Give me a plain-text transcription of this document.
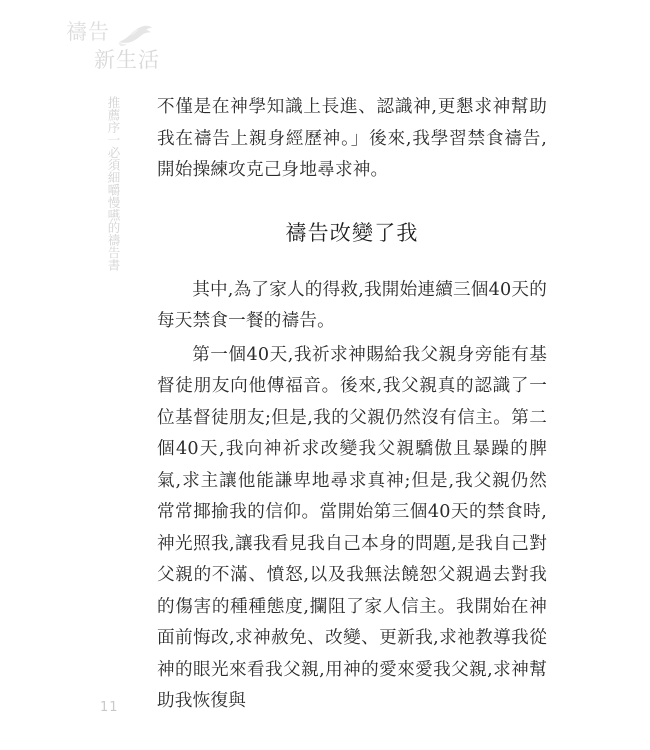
禱告
新生活
推薦序一必須細嚼慢嚥的禱告書 不僅是在神學知識上長進、認識神,更懇求神幫助我在禱告上親身經歷神。」後來,我學習禁食禱告,開始操練攻克己身地尋求神。

禱告改變了我

其中,為了家人的得救,我開始連續三個40天的每天禁食一餐的禱告。

第一個40天,我祈求神賜給我父親身旁能有基督徒朋友向他傳福音。後來,我父親真的認識了一位基督徒朋友;但是,我的父親仍然沒有信主。第二個40天,我向神祈求改變我父親驕傲且暴躁的脾氣,求主讓他能謙卑地尋求真神;但是,我父親仍然常常揶揄我的信仰。當開始第三個40天的禁食時,神光照我,讓我看見我自己本身的問題,是我自己對父親的不滿、憤怒,以及我無法饒恕父親過去對我的傷害的種種態度,攔阻了家人信主。我開始在神面前悔改,求神赦免、改變、更新我,求祂教導我從神的眼光來看我父親,用神的愛來愛我父親,求神幫助我恢復與

11
